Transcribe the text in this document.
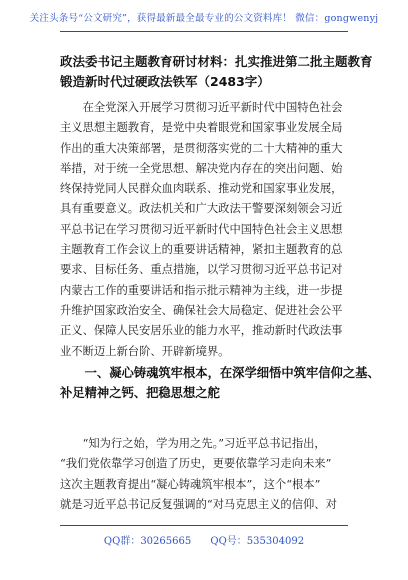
关注头条号“公文研究”，获得最新最全最专业的公文资料库！ 微信：gongwenyj
政法委书记主题教育研讨材料：扎实推进第二批主题教育
锻造新时代过硬政法铁军（2483字）
　　在全党深入开展学习贯彻习近平新时代中国特色社会
主义思想主题教育，是党中央着眼党和国家事业发展全局
作出的重大决策部署，是贯彻落实党的二十大精神的重大
举措，对于统一全党思想、解决党内存在的突出问题、始
终保持党同人民群众血肉联系、推动党和国家事业发展，
具有重要意义。政法机关和广大政法干警要深刻领会习近
平总书记在学习贯彻习近平新时代中国特色社会主义思想
主题教育工作会议上的重要讲话精神，紧扣主题教育的总
要求、目标任务、重点措施，以学习贯彻习近平总书记对
内蒙古工作的重要讲话和指示批示精神为主线，进一步提
升维护国家政治安全、确保社会大局稳定、促进社会公平
正义、保障人民安居乐业的能力水平，推动新时代政法事
业不断迈上新台阶、开辟新境界。
　　一、凝心铸魂筑牢根本，在深学细悟中筑牢信仰之基、
补足精神之钙、把稳思想之舵
　　“知为行之始，学为用之先。”习近平总书记指出，
“我们党依靠学习创造了历史，更要依靠学习走向未来”
这次主题教育提出“凝心铸魂筑牢根本”，这个“根本”
就是习近平总书记反复强调的“对马克思主义的信仰、对
QQ群：30265665 QQ号：535304092
